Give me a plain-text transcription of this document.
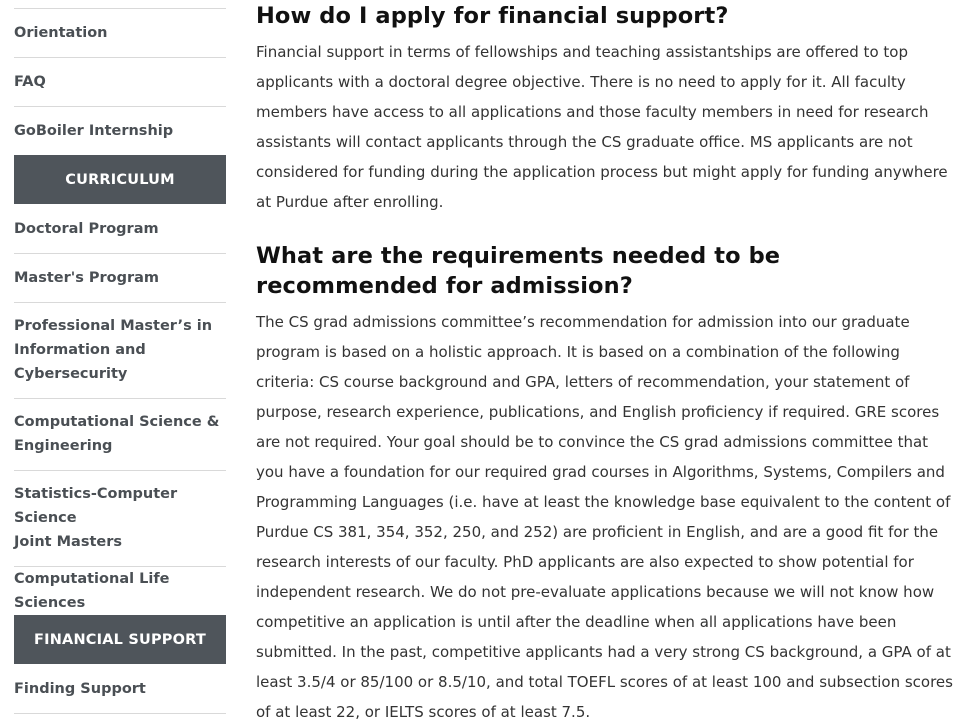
Orientation
FAQ
GoBoiler Internship
CURRICULUM
Doctoral Program
Master's Program
Professional Master’s in
Information and
Cybersecurity
Computational Science &
Engineering
Statistics-Computer Science
Joint Masters
Computational Life Sciences
FINANCIAL SUPPORT
Finding Support
How do I apply for financial support?

Financial support in terms of fellowships and teaching assistantships are offered to top applicants with a doctoral degree objective. There is no need to apply for it. All faculty members have access to all applications and those faculty members in need for research assistants will contact applicants through the CS graduate office. MS applicants are not considered for funding during the application process but might apply for funding anywhere at Purdue after enrolling.

What are the requirements needed to be recommended for admission?

The CS grad admissions committee’s recommendation for admission into our graduate program is based on a holistic approach. It is based on a combination of the following criteria: CS course background and GPA, letters of recommendation, your statement of purpose, research experience, publications, and English proficiency if required. GRE scores are not required. Your goal should be to convince the CS grad admissions committee that you have a foundation for our required grad courses in Algorithms, Systems, Compilers and Programming Languages (i.e. have at least the knowledge base equivalent to the content of Purdue CS 381, 354, 352, 250, and 252) are proficient in English, and are a good fit for the research interests of our faculty. PhD applicants are also expected to show potential for independent research. We do not pre-evaluate applications because we will not know how competitive an application is until after the deadline when all applications have been submitted. In the past, competitive applicants had a very strong CS background, a GPA of at least 3.5/4 or 85/100 or 8.5/10, and total TOEFL scores of at least 100 and subsection scores of at least 22, or IELTS scores of at least 7.5.
